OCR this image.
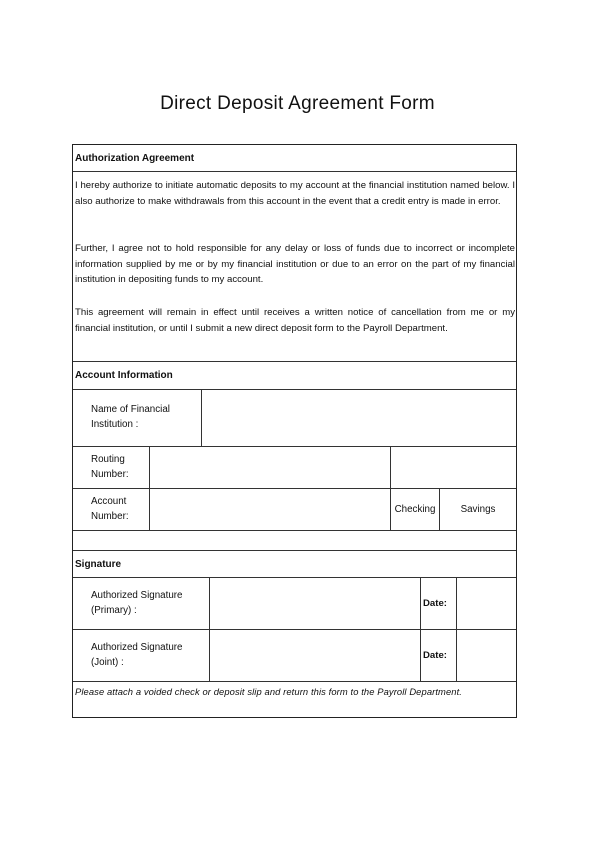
Direct Deposit Agreement Form
Authorization Agreement

I hereby authorize to initiate automatic deposits to my account at the financial institution named below. I also authorize to make withdrawals from this account in the event that a credit entry is made in error.

Further, I agree not to hold responsible for any delay or loss of funds due to incorrect or incomplete information supplied by me or by my financial institution or due to an error on the part of my financial institution in depositing funds to my account.

This agreement will remain in effect until receives a written notice of cancellation from me or my financial institution, or until I submit a new direct deposit form to the Payroll Department.

Account Information
Name of Financial Institution :
Routing Number:
Account Number:
Checking	Savings
Signature
Authorized Signature (Primary) :
Date:
Authorized Signature (Joint) :
Date:

Please attach a voided check or deposit slip and return this form to the Payroll Department.
